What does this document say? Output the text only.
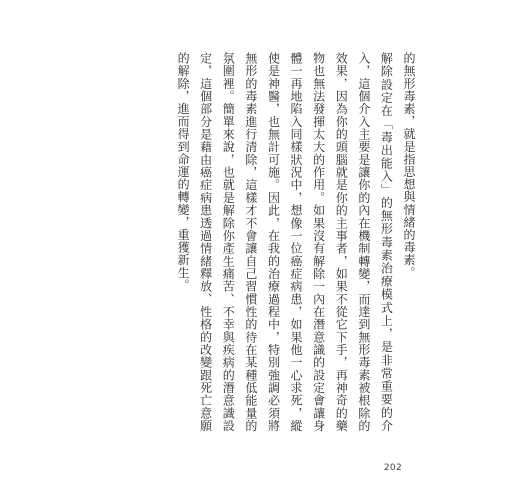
的無形毒素，就是指思想與情緒的毒素。

解除設定在「毒出能入」的無形毒素治療模式上，是非常重要的介入，這個介入主要是讓你的內在機制轉變，而達到無形毒素被根除的效果，因為你的頭腦就是你的主事者，如果不從它下手，再神奇的藥物也無法發揮太大的作用。如果沒有解除一內在潛意識的設定會讓身體一再地陷入同樣狀況中，想像一位癌症病患，如果他一心求死，縱使是神醫，也無計可施。因此，在我的治療過程中，特別強調必須將無形的毒素進行清除，這樣才不會讓自己習慣性的待在某種低能量的氛圍裡。簡單來說，也就是解除你產生痛苦、不幸與疾病的潛意識設定，這個部分是藉由癌症病患透過情緒釋放、性格的改變跟死亡意願的解除，進而得到命運的轉變，重獲新生。

202
